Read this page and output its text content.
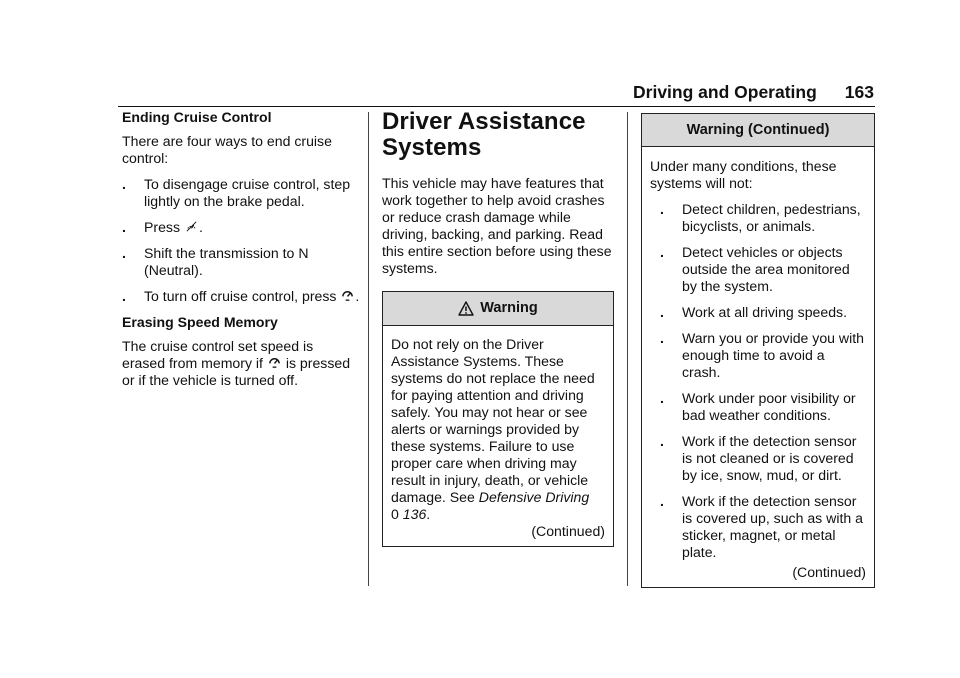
Driving and Operating 163
Ending Cruise Control
There are four ways to end cruise control:
.	To disengage cruise control, step lightly on the brake pedal.
.	Press .
.	Shift the transmission to N (Neutral).
.	To turn off cruise control, press .
Erasing Speed Memory
The cruise control set speed is erased from memory if is pressed or if the vehicle is turned off.
Driver Assistance Systems
This vehicle may have features that work together to help avoid crashes or reduce crash damage while driving, backing, and parking. Read this entire section before using these systems.
Warning
Do not rely on the Driver Assistance Systems. These systems do not replace the need for paying attention and driving safely. You may not hear or see alerts or warnings provided by these systems. Failure to use proper care when driving may result in injury, death, or vehicle damage. See Defensive Driving
0 136.
(Continued)
Warning (Continued)
Under many conditions, these systems will not:
.	Detect children, pedestrians, bicyclists, or animals.
.	Detect vehicles or objects outside the area monitored by the system.
.	Work at all driving speeds.
.	Warn you or provide you with enough time to avoid a crash.
.	Work under poor visibility or bad weather conditions.
.	Work if the detection sensor is not cleaned or is covered by ice, snow, mud, or dirt.
.	Work if the detection sensor is covered up, such as with a sticker, magnet, or metal plate.
(Continued)
